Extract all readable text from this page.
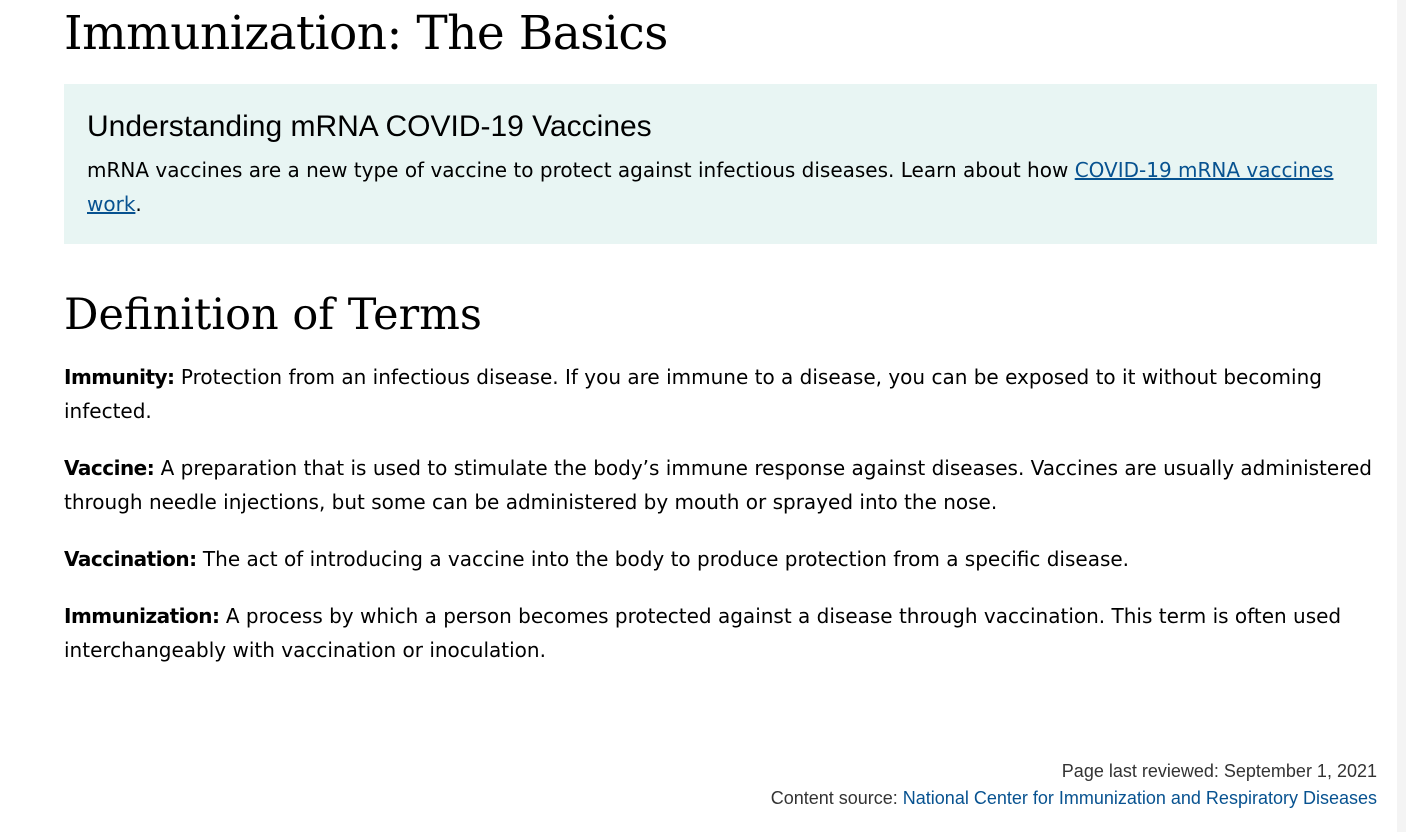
Immunization: The Basics
Understanding mRNA COVID-19 Vaccines

mRNA vaccines are a new type of vaccine to protect against infectious diseases. Learn about how COVID-19 mRNA vaccines work.

Definition of Terms

Immunity: Protection from an infectious disease. If you are immune to a disease, you can be exposed to it without becoming infected.

Vaccine: A preparation that is used to stimulate the body’s immune response against diseases. Vaccines are usually administered through needle injections, but some can be administered by mouth or sprayed into the nose.

Vaccination: The act of introducing a vaccine into the body to produce protection from a specific disease.

Immunization: A process by which a person becomes protected against a disease through vaccination. This term is often used interchangeably with vaccination or inoculation.

Page last reviewed: September 1, 2021
Content source: National Center for Immunization and Respiratory Diseases
